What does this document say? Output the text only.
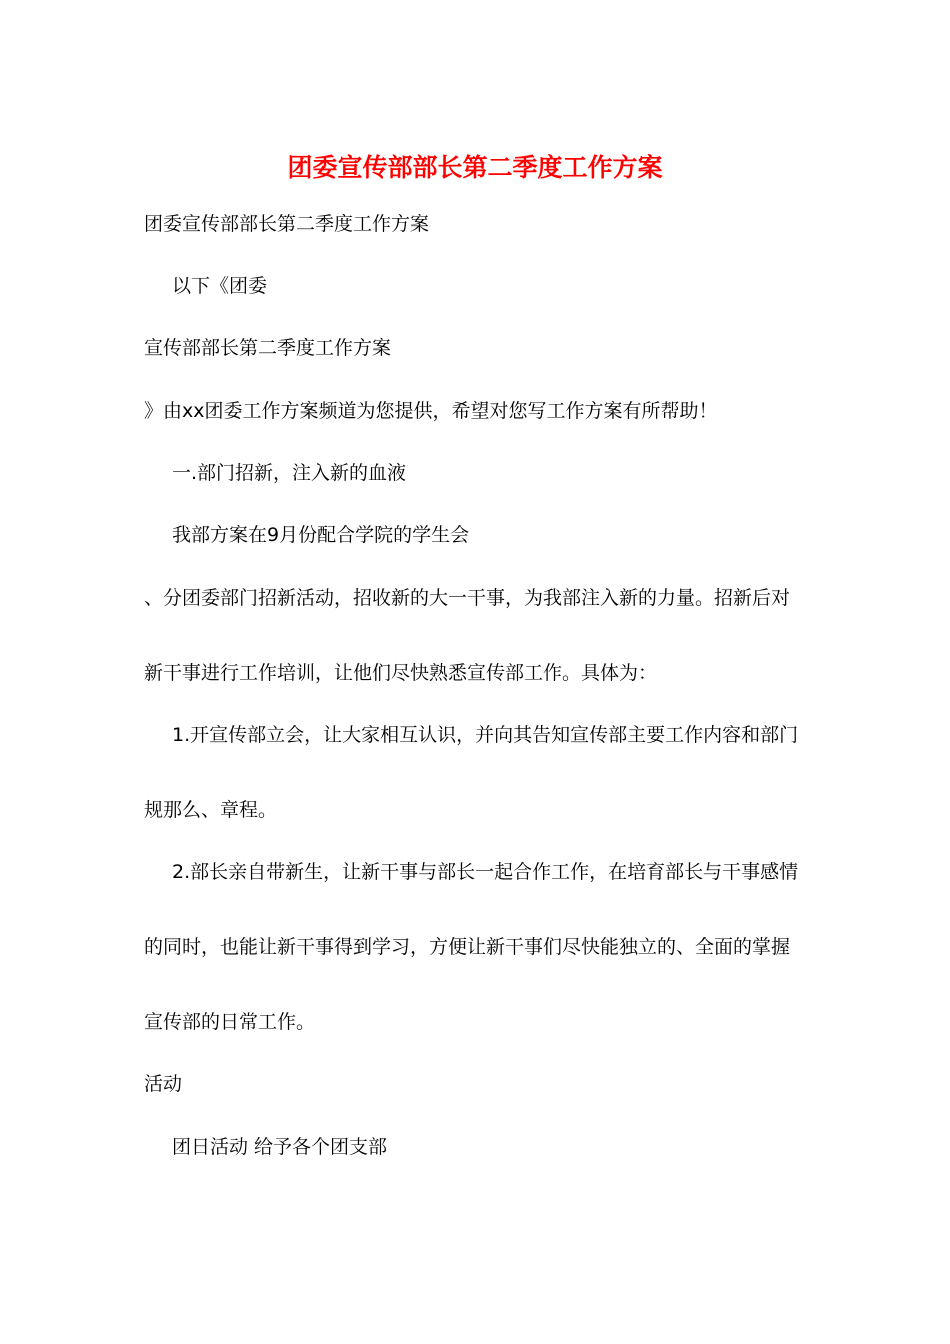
团委宣传部部长第二季度工作方案
团委宣传部部长第二季度工作方案
以下《团委
宣传部部长第二季度工作方案
》由xx团委工作方案频道为您提供，希望对您写工作方案有所帮助！
一.部门招新，注入新的血液
我部方案在9月份配合学院的学生会
、分团委部门招新活动，招收新的大一干事，为我部注入新的力量。招新后对
新干事进行工作培训，让他们尽快熟悉宣传部工作。具体为：
1.开宣传部立会，让大家相互认识，并向其告知宣传部主要工作内容和部门
规那么、章程。
2.部长亲自带新生，让新干事与部长一起合作工作，在培育部长与干事感情
的同时，也能让新干事得到学习，方便让新干事们尽快能独立的、全面的掌握
宣传部的日常工作。
活动
团日活动 给予各个团支部
